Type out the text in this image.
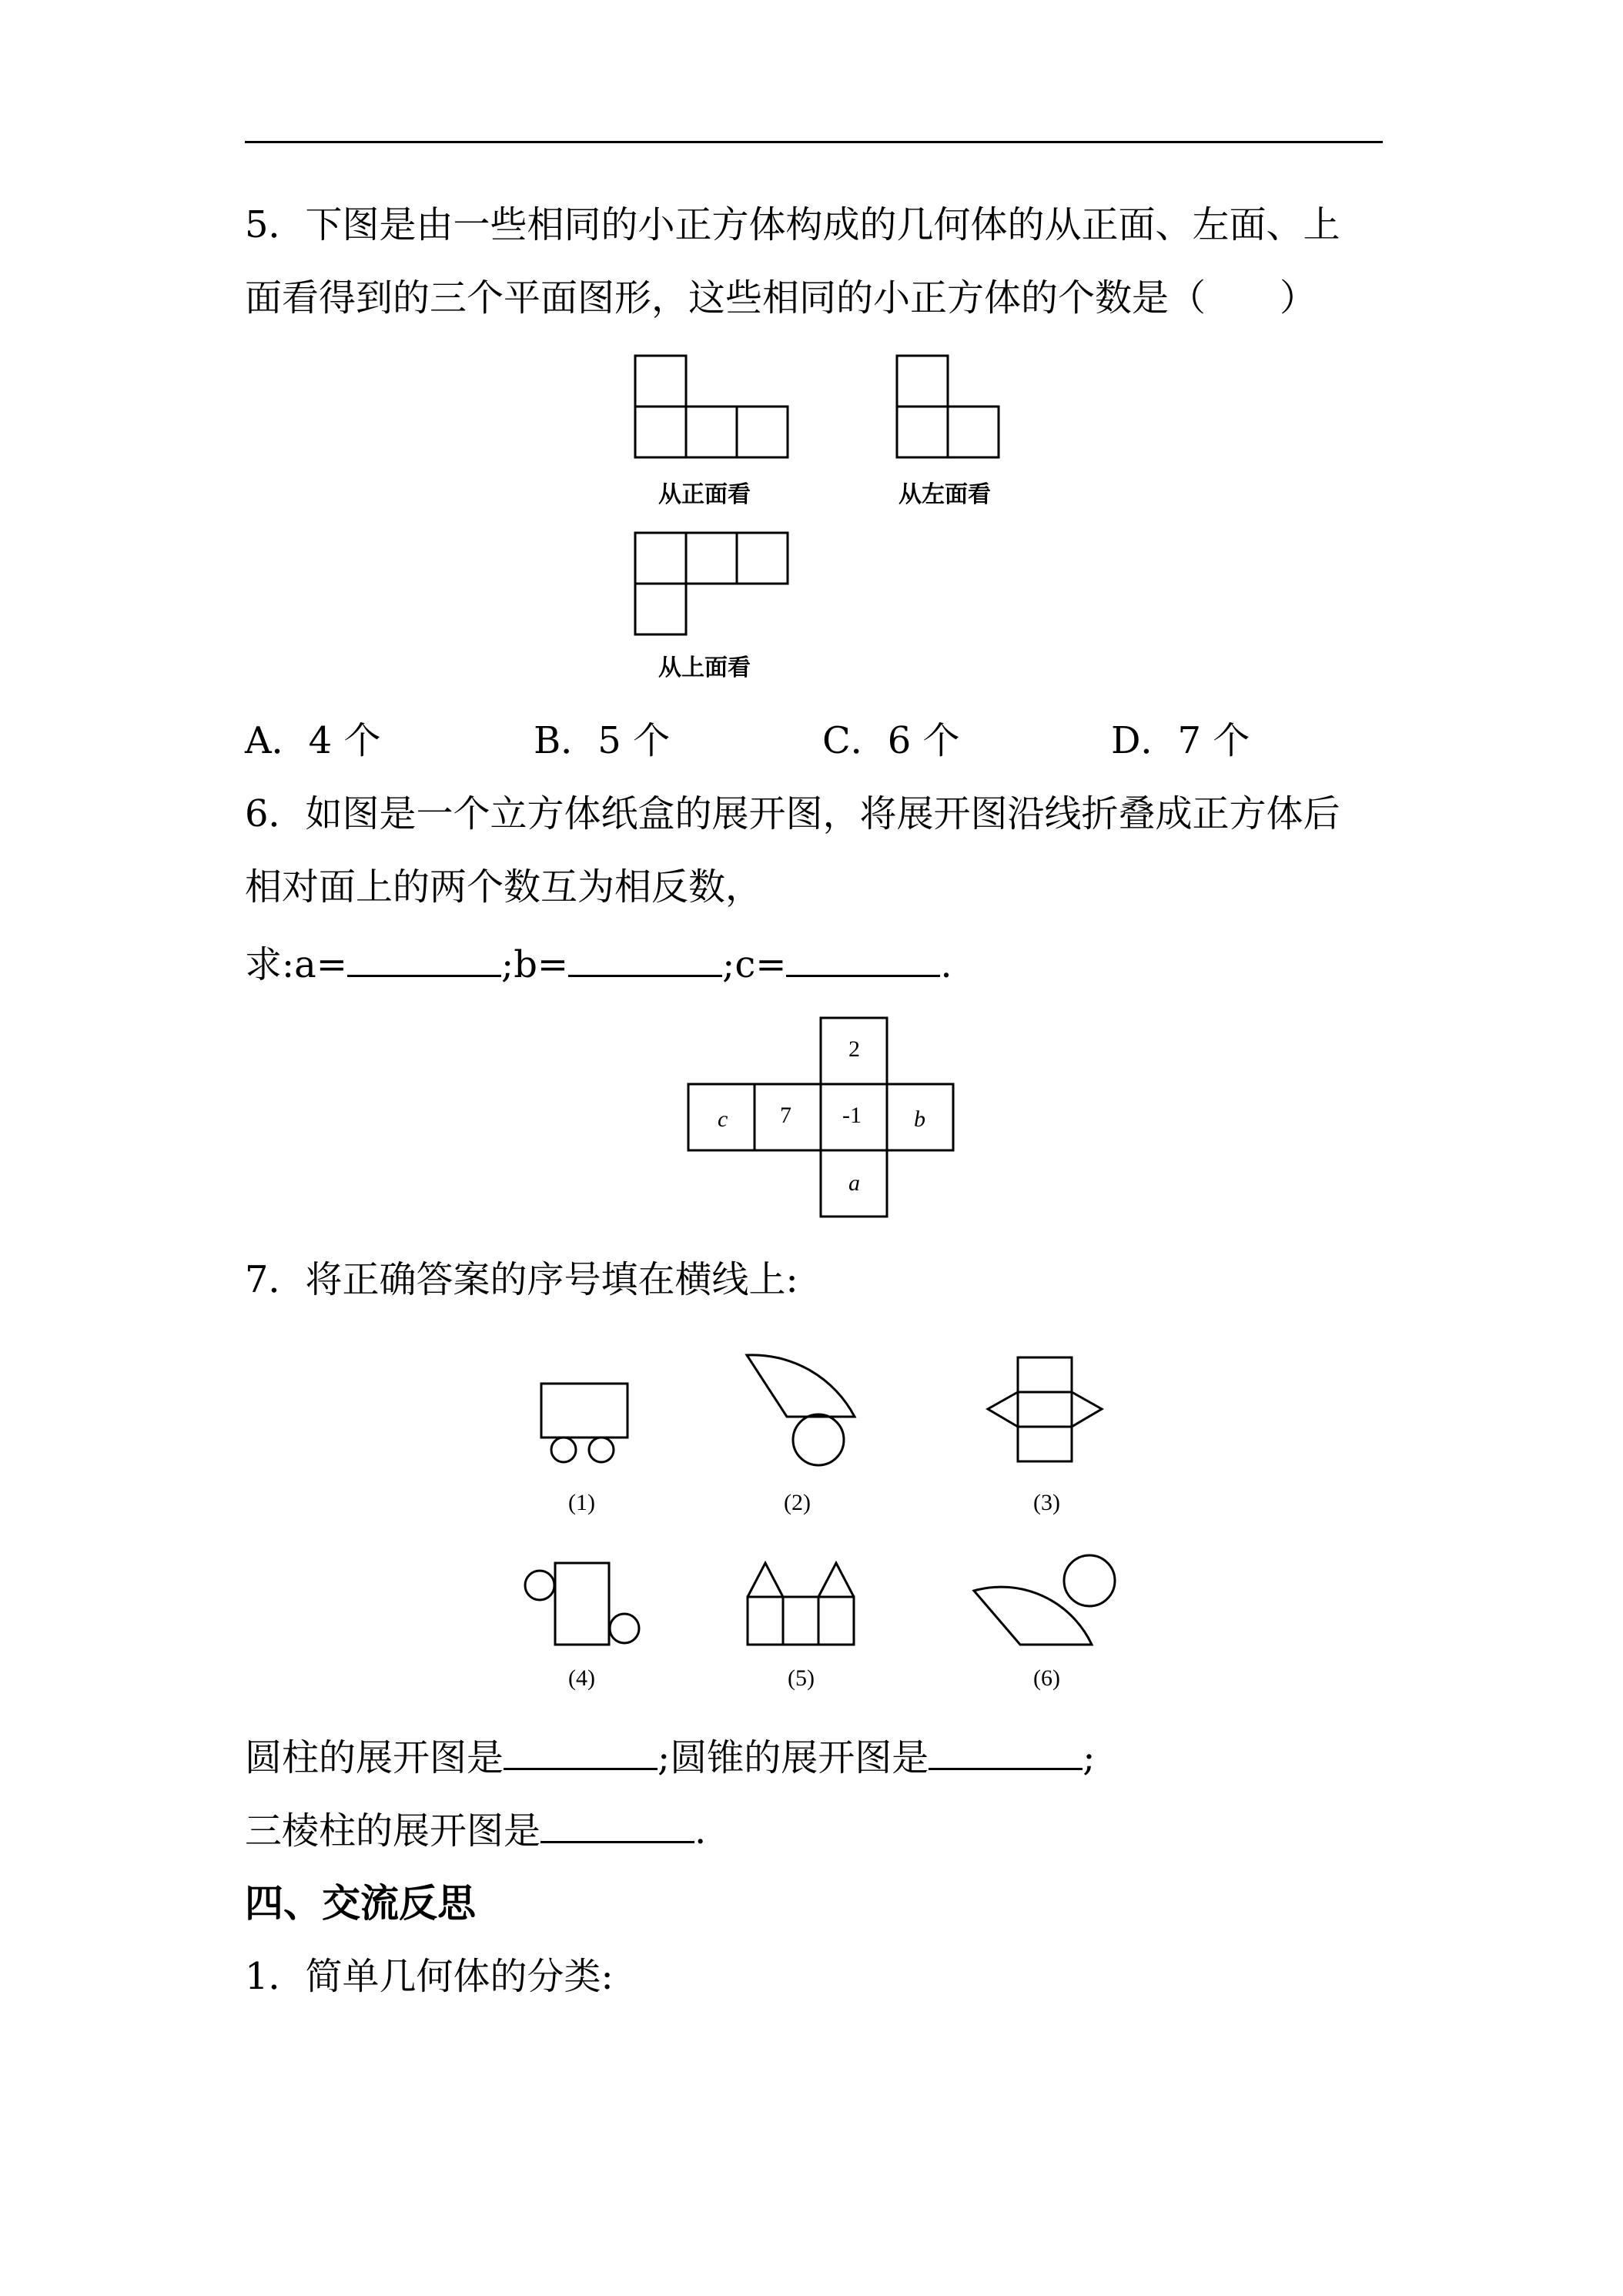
5．下图是由一些相同的小正方体构成的几何体的从正面、左面、上
面看得到的三个平面图形，这些相同的小正方体的个数是（　　）
从正面看	从左面看
从上面看
A．4 个	B．5 个	C．6 个	D．7 个
6．如图是一个立方体纸盒的展开图，将展开图沿线折叠成正方体后
相对面上的两个数互为相反数，
求:a=	;b=	;c=	.
2
c 7 -1 b
a
7．将正确答案的序号填在横线上:
(1)	(2)	(3)
(4)	(5)	(6)
圆柱的展开图是	;圆锥的展开图是	;
三棱柱的展开图是	.
四、交流反思
1．简单几何体的分类:
